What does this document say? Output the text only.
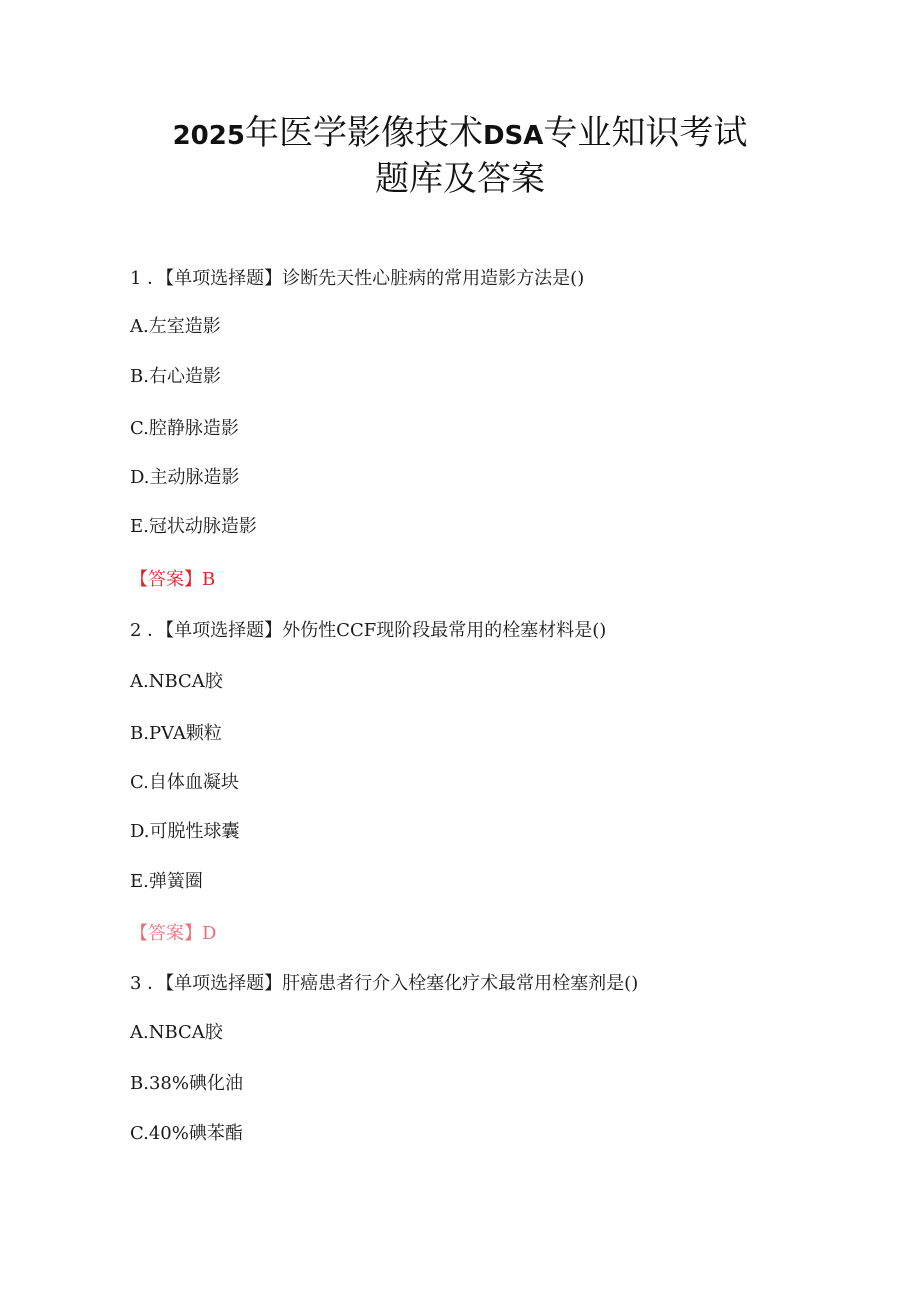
2025年医学影像技术DSA专业知识考试
题库及答案

1 ．【单项选择题】诊断先天性心脏病的常用造影方法是()

A.左室造影

B.右心造影

C.腔静脉造影

D.主动脉造影

E.冠状动脉造影

【答案】B

2 ．【单项选择题】外伤性CCF现阶段最常用的栓塞材料是()

A.NBCA胶

B.PVA颗粒

C.自体血凝块

D.可脱性球囊

E.弹簧圈

【答案】D

3 ．【单项选择题】肝癌患者行介入栓塞化疗术最常用栓塞剂是()

A.NBCA胶

B.38%碘化油

C.40%碘苯酯
